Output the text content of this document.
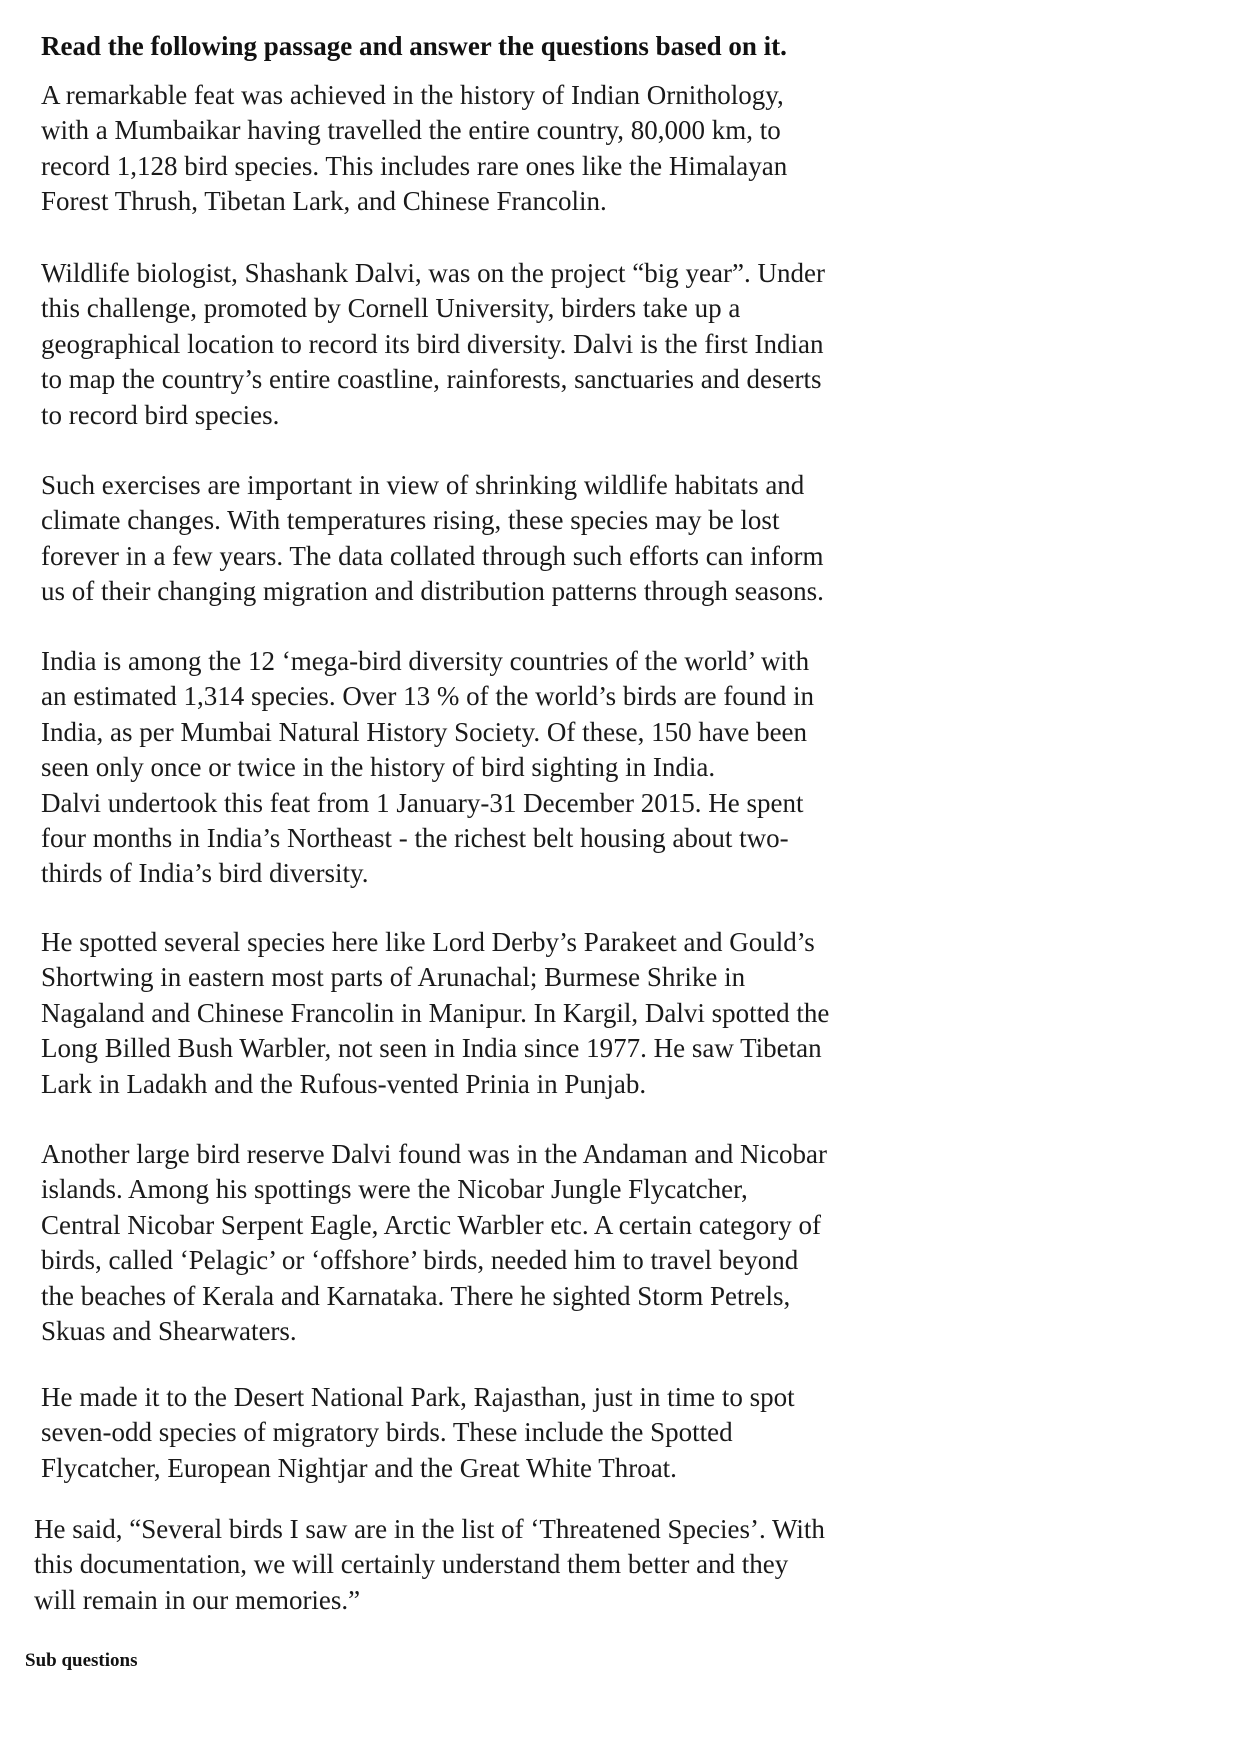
Read the following passage and answer the questions based on it.

A remarkable feat was achieved in the history of Indian Ornithology,
with a Mumbaikar having travelled the entire country, 80,000 km, to
record 1,128 bird species. This includes rare ones like the Himalayan
Forest Thrush, Tibetan Lark, and Chinese Francolin.

Wildlife biologist, Shashank Dalvi, was on the project “big year”. Under
this challenge, promoted by Cornell University, birders take up a
geographical location to record its bird diversity. Dalvi is the first Indian
to map the country’s entire coastline, rainforests, sanctuaries and deserts
to record bird species.

Such exercises are important in view of shrinking wildlife habitats and
climate changes. With temperatures rising, these species may be lost
forever in a few years. The data collated through such efforts can inform
us of their changing migration and distribution patterns through seasons.

India is among the 12 ‘mega-bird diversity countries of the world’ with
an estimated 1,314 species. Over 13 % of the world’s birds are found in
India, as per Mumbai Natural History Society. Of these, 150 have been
seen only once or twice in the history of bird sighting in India.
Dalvi undertook this feat from 1 January-31 December 2015. He spent
four months in India’s Northeast - the richest belt housing about two-
thirds of India’s bird diversity.

He spotted several species here like Lord Derby’s Parakeet and Gould’s
Shortwing in eastern most parts of Arunachal; Burmese Shrike in
Nagaland and Chinese Francolin in Manipur. In Kargil, Dalvi spotted the
Long Billed Bush Warbler, not seen in India since 1977. He saw Tibetan
Lark in Ladakh and the Rufous-vented Prinia in Punjab.

Another large bird reserve Dalvi found was in the Andaman and Nicobar
islands. Among his spottings were the Nicobar Jungle Flycatcher,
Central Nicobar Serpent Eagle, Arctic Warbler etc. A certain category of
birds, called ‘Pelagic’ or ‘offshore’ birds, needed him to travel beyond
the beaches of Kerala and Karnataka. There he sighted Storm Petrels,
Skuas and Shearwaters.

He made it to the Desert National Park, Rajasthan, just in time to spot
seven-odd species of migratory birds. These include the Spotted
Flycatcher, European Nightjar and the Great White Throat.

He said, “Several birds I saw are in the list of ‘Threatened Species’. With
this documentation, we will certainly understand them better and they
will remain in our memories.”

Sub questions
